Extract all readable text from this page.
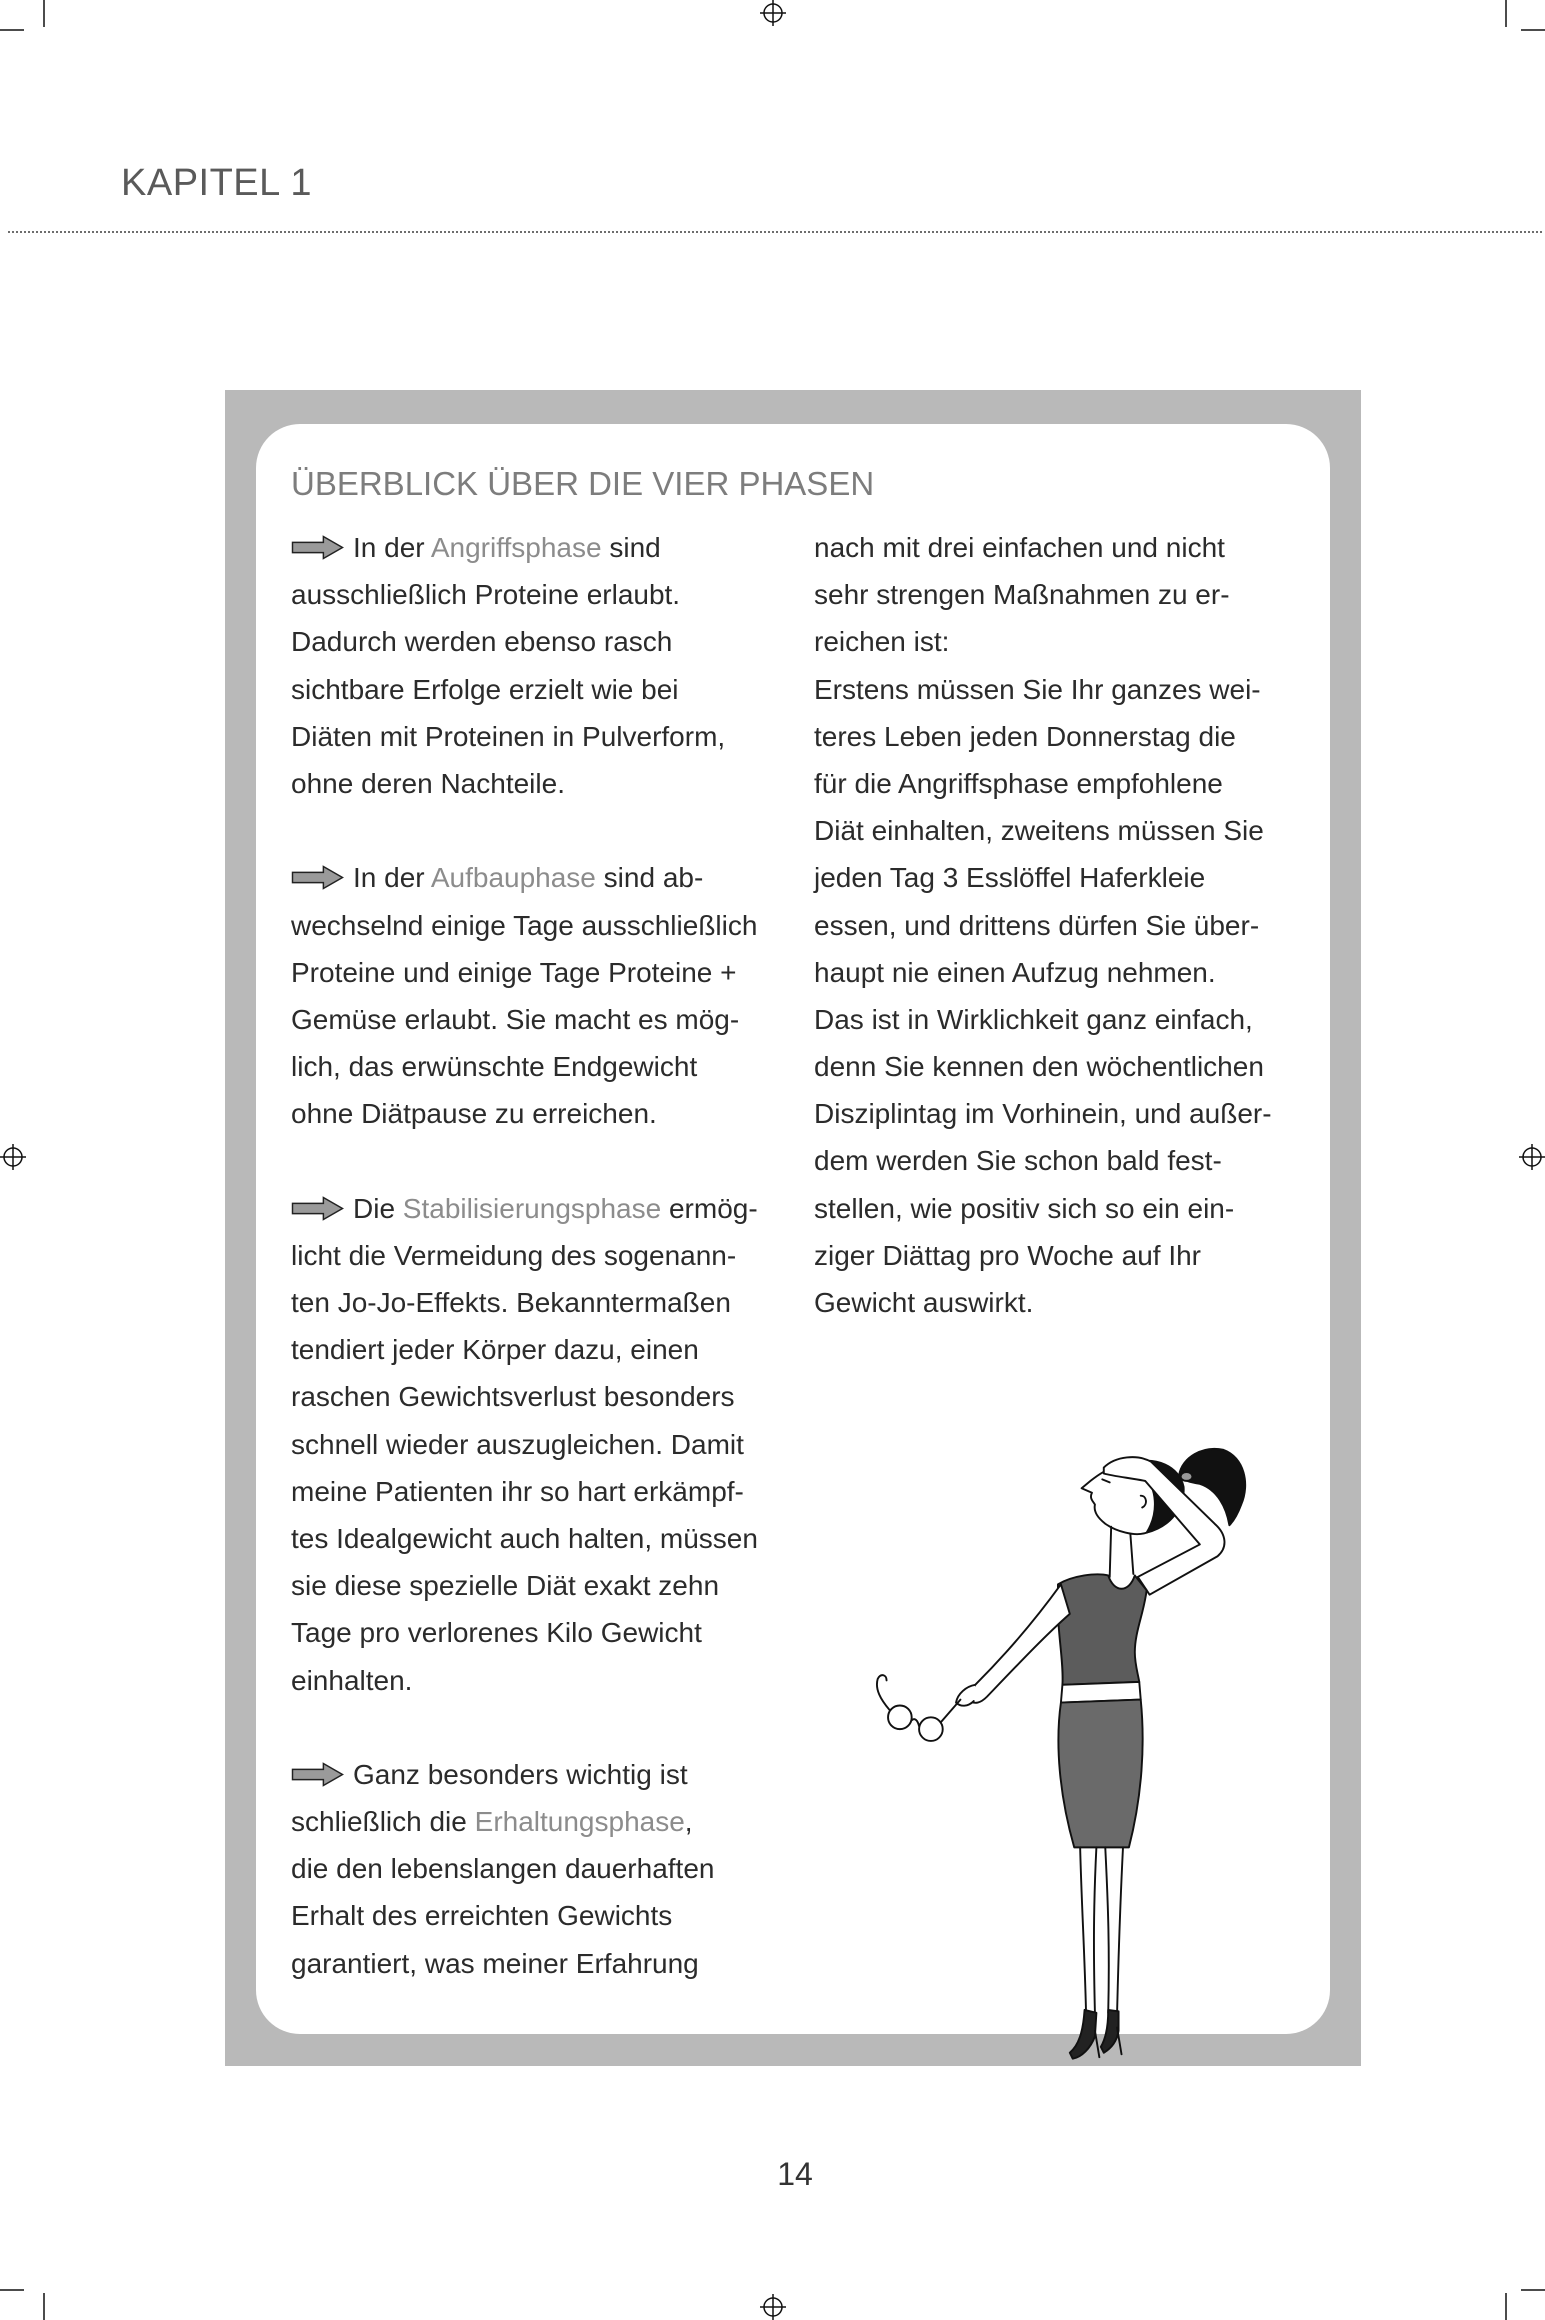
KAPITEL 1
ÜBERBLICK ÜBER DIE VIER PHASEN
In der Angriffsphase sind
ausschließlich Proteine erlaubt.
Dadurch werden ebenso rasch
sichtbare Erfolge erzielt wie bei
Diäten mit Proteinen in Pulverform,
ohne deren Nachteile.
In der Aufbauphase sind ab-
wechselnd einige Tage ausschließlich
Proteine und einige Tage Proteine +
Gemüse erlaubt. Sie macht es mög-
lich, das erwünschte Endgewicht
ohne Diätpause zu erreichen.
Die Stabilisierungsphase ermög-
licht die Vermeidung des sogenann-
ten Jo-Jo-Effekts. Bekanntermaßen
tendiert jeder Körper dazu, einen
raschen Gewichtsverlust besonders
schnell wieder auszugleichen. Damit
meine Patienten ihr so hart erkämpf-
tes Idealgewicht auch halten, müssen
sie diese spezielle Diät exakt zehn
Tage pro verlorenes Kilo Gewicht
einhalten.
Ganz besonders wichtig ist
schließlich die Erhaltungsphase,
die den lebenslangen dauerhaften
Erhalt des erreichten Gewichts
garantiert, was meiner Erfahrung
nach mit drei einfachen und nicht
sehr strengen Maßnahmen zu er-
reichen ist:
Erstens müssen Sie Ihr ganzes wei-
teres Leben jeden Donnerstag die
für die Angriffsphase empfohlene
Diät einhalten, zweitens müssen Sie
jeden Tag 3 Esslöffel Haferkleie
essen, und drittens dürfen Sie über-
haupt nie einen Aufzug nehmen.
Das ist in Wirklichkeit ganz einfach,
denn Sie kennen den wöchentlichen
Disziplintag im Vorhinein, und außer-
dem werden Sie schon bald fest-
stellen, wie positiv sich so ein ein-
ziger Diättag pro Woche auf Ihr
Gewicht auswirkt.
14
